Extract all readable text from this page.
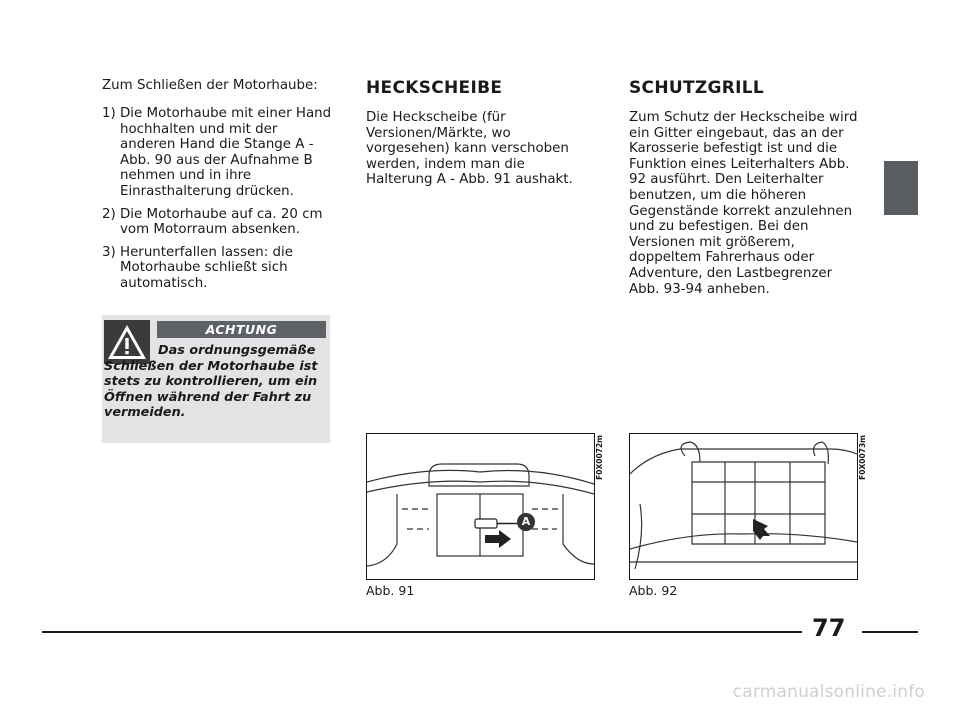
Zum Schließen der Motorhaube:
1) Die Motorhaube mit einer Hand hochhalten und mit der anderen Hand die Stange A - Abb. 90 aus der Aufnahme B nehmen und in ihre Einrasthalterung drücken.
2) Die Motorhaube auf ca. 20 cm vom Motorraum absenken.
3) Herunterfallen lassen: die Motorhaube schließt sich automatisch.
ACHTUNG
Das ordnungsgemäße Schließen der Motorhaube ist stets zu kontrollieren, um ein Öffnen während der Fahrt zu vermeiden.
HECKSCHEIBE
Die Heckscheibe (für Versionen/Märkte, wo vorgesehen) kann verschoben werden, indem man die Halterung A - Abb. 91 aushakt.
SCHUTZGRILL
Zum Schutz der Heckscheibe wird ein Gitter eingebaut, das an der Karosserie befestigt ist und die Funktion eines Leiterhalters Abb. 92 ausführt. Den Leiterhalter benutzen, um die höheren Gegenstände korrekt anzulehnen und zu befestigen. Bei den Versionen mit größerem, doppeltem Fahrerhaus oder Adventure, den Lastbegrenzer Abb. 93-94 anheben.
A
F0X0072m
Abb. 91
F0X0073m
Abb. 92
77
carmanualsonline.info
